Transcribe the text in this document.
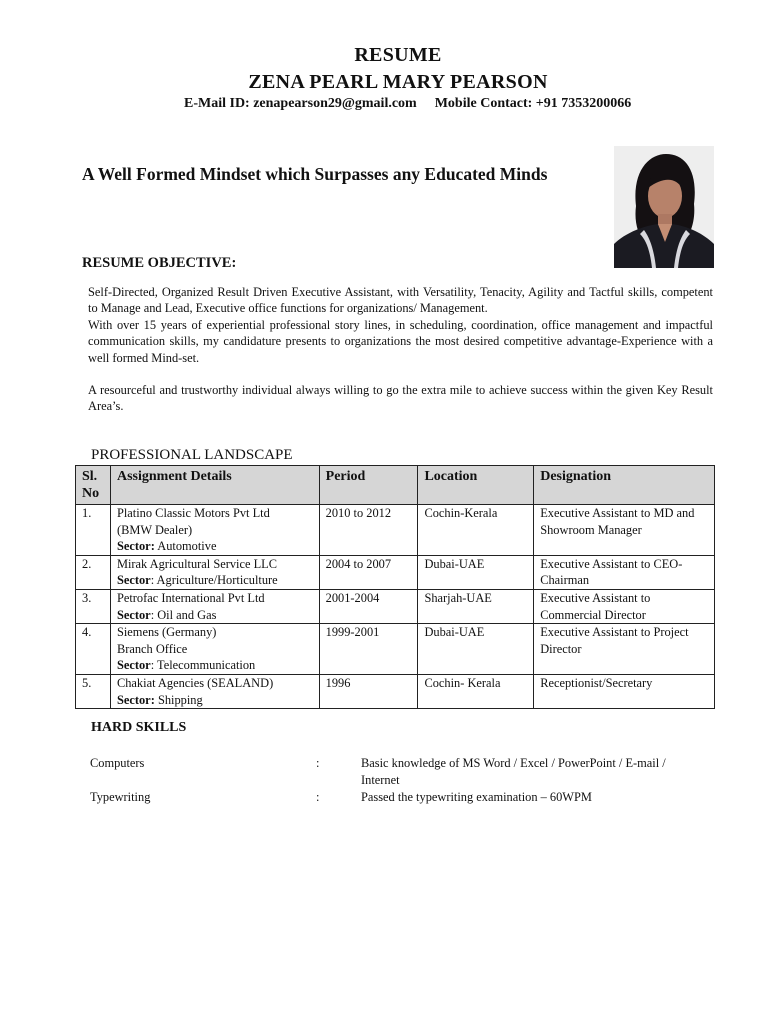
RESUME
ZENA PEARL MARY PEARSON
E-Mail ID: zenapearson29@gmail.com Mobile Contact: +91 7353200066
A Well Formed Mindset which Surpasses any Educated Minds
RESUME OBJECTIVE:

Self-Directed, Organized Result Driven Executive Assistant, with Versatility, Tenacity, Agility and Tactful skills, competent to Manage and Lead, Executive office functions for organizations/ Management.

With over 15 years of experiential professional story lines, in scheduling, coordination, office management and impactful communication skills, my candidature presents to organizations the most desired competitive advantage-Experience with a well formed Mind-set.

A resourceful and trustworthy individual always willing to go the extra mile to achieve success within the given Key Result Area’s.

PROFESSIONAL LANDSCAPE
Sl.
No	Assignment Details	Period	Location	Designation
1.	Platino Classic Motors Pvt Ltd
(BMW Dealer)
Sector: Automotive	2010 to 2012	Cochin-Kerala	Executive Assistant to MD and Showroom Manager
2.	Mirak Agricultural Service LLC
Sector: Agriculture/Horticulture	2004 to 2007	Dubai-UAE	Executive Assistant to CEO-Chairman
3.	Petrofac International Pvt Ltd
Sector: Oil and Gas	2001-2004	Sharjah-UAE	Executive Assistant to Commercial Director
4.	Siemens (Germany)
Branch Office
Sector: Telecommunication	1999-2001	Dubai-UAE	Executive Assistant to Project Director
5.	Chakiat Agencies (SEALAND)
Sector: Shipping	1996	Cochin- Kerala	Receptionist/Secretary
HARD SKILLS
Computers	:	Basic knowledge of MS Word / Excel / PowerPoint / E-mail / Internet
Typewriting	:	Passed the typewriting examination – 60WPM
